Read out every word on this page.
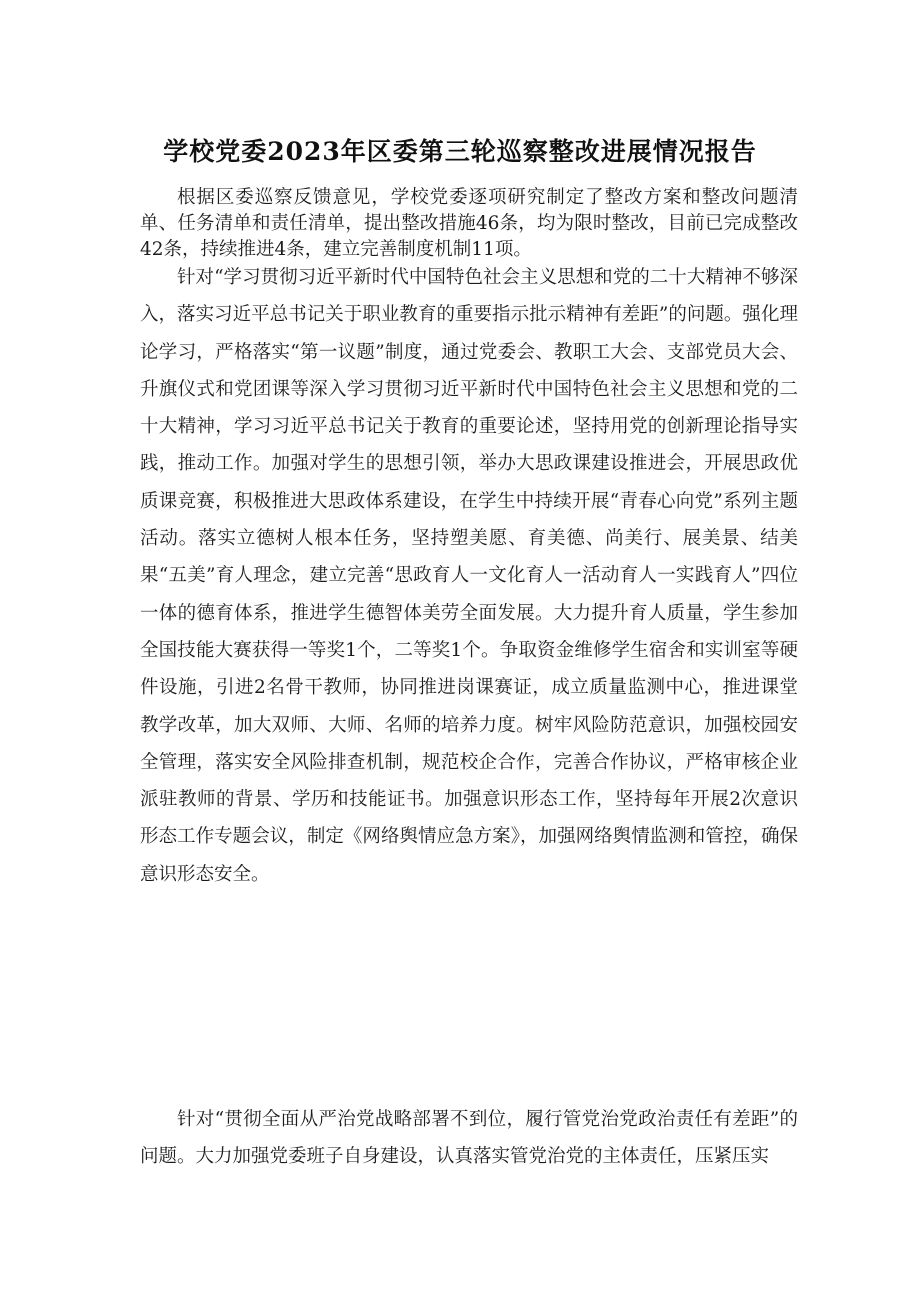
学校党委2023年区委第三轮巡察整改进展情况报告

根据区委巡察反馈意见，学校党委逐项研究制定了整改方案和整改问题清单、任务清单和责任清单，提出整改措施46条，均为限时整改，目前已完成整改42条，持续推进4条，建立完善制度机制11项。

针对“学习贯彻习近平新时代中国特色社会主义思想和党的二十大精神不够深入，落实习近平总书记关于职业教育的重要指示批示精神有差距”的问题。强化理论学习，严格落实“第一议题”制度，通过党委会、教职工大会、支部党员大会、升旗仪式和党团课等深入学习贯彻习近平新时代中国特色社会主义思想和党的二十大精神，学习习近平总书记关于教育的重要论述，坚持用党的创新理论指导实践，推动工作。加强对学生的思想引领，举办大思政课建设推进会，开展思政优质课竞赛，积极推进大思政体系建设，在学生中持续开展“青春心向党”系列主题活动。落实立德树人根本任务，坚持塑美愿、育美德、尚美行、展美景、结美果“五美”育人理念，建立完善“思政育人一文化育人一活动育人一实践育人”四位一体的德育体系，推进学生德智体美劳全面发展。大力提升育人质量，学生参加全国技能大赛获得一等奖1个，二等奖1个。争取资金维修学生宿舍和实训室等硬件设施，引进2名骨干教师，协同推进岗课赛证，成立质量监测中心，推进课堂教学改革，加大双师、大师、名师的培养力度。树牢风险防范意识，加强校园安全管理，落实安全风险排查机制，规范校企合作，完善合作协议，严格审核企业派驻教师的背景、学历和技能证书。加强意识形态工作，坚持每年开展2次意识形态工作专题会议，制定《网络舆情应急方案》，加强网络舆情监测和管控，确保意识形态安全。

针对“贯彻全面从严治党战略部署不到位，履行管党治党政治责任有差距”的问题。大力加强党委班子自身建设，认真落实管党治党的主体责任，压紧压实
